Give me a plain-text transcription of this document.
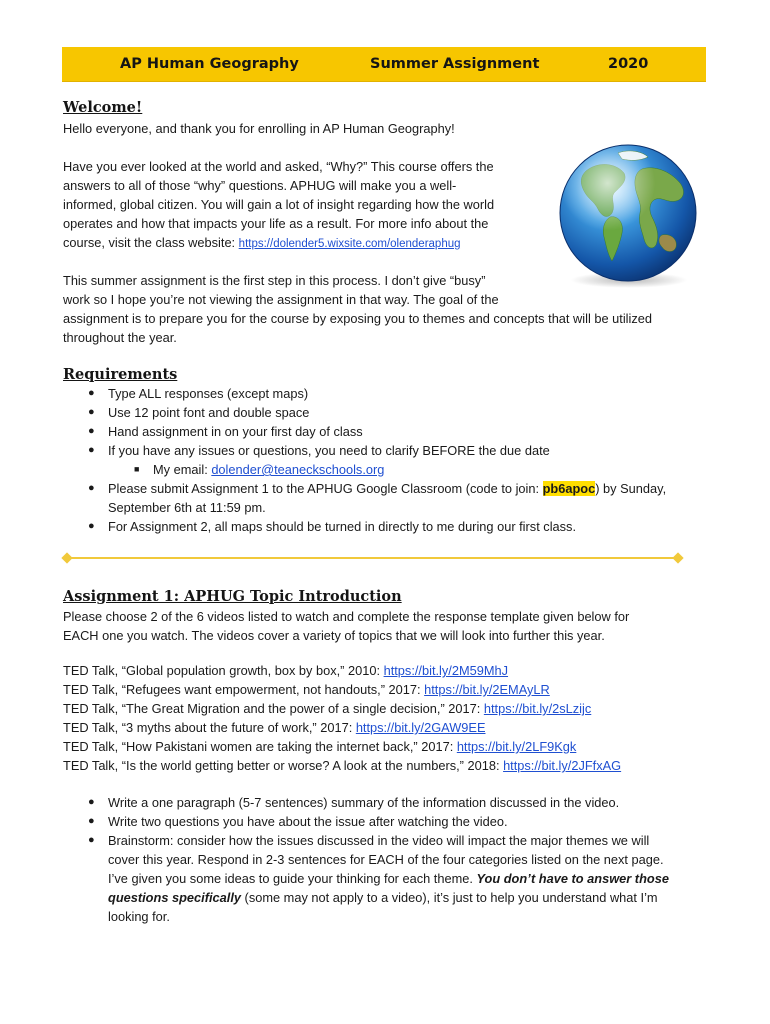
AP Human Geography	Summer Assignment	2020
Welcome!
Hello everyone, and thank you for enrolling in AP Human Geography!
Have you ever looked at the world and asked, “Why?” This course offers the
answers to all of those “why” questions. APHUG will make you a well-
informed, global citizen. You will gain a lot of insight regarding how the world
operates and how that impacts your life as a result. For more info about the
course, visit the class website: https://dolender5.wixsite.com/olenderaphug
This summer assignment is the first step in this process. I don’t give “busy”
work so I hope you’re not viewing the assignment in that way. The goal of the
assignment is to prepare you for the course by exposing you to themes and concepts that will be utilized
throughout the year.
Requirements
● Type ALL responses (except maps)
● Use 12 point font and double space
● Hand assignment in on your first day of class
● If you have any issues or questions, you need to clarify BEFORE the due date
■ My email: dolender@teaneckschools.org
● Please submit Assignment 1 to the APHUG Google Classroom (code to join: pb6apoc) by Sunday,
September 6th at 11:59 pm.
● For Assignment 2, all maps should be turned in directly to me during our first class.
Assignment 1: APHUG Topic Introduction
Please choose 2 of the 6 videos listed to watch and complete the response template given below for
EACH one you watch. The videos cover a variety of topics that we will look into further this year.
TED Talk, “Global population growth, box by box,” 2010: https://bit.ly/2M59MhJ
TED Talk, “Refugees want empowerment, not handouts,” 2017: https://bit.ly/2EMAyLR
TED Talk, “The Great Migration and the power of a single decision,” 2017: https://bit.ly/2sLzijc
TED Talk, “3 myths about the future of work,” 2017: https://bit.ly/2GAW9EE
TED Talk, “How Pakistani women are taking the internet back,” 2017: https://bit.ly/2LF9Kgk
TED Talk, “Is the world getting better or worse? A look at the numbers,” 2018: https://bit.ly/2JFfxAG
● Write a one paragraph (5-7 sentences) summary of the information discussed in the video.
● Write two questions you have about the issue after watching the video.
● Brainstorm: consider how the issues discussed in the video will impact the major themes we will
cover this year. Respond in 2-3 sentences for EACH of the four categories listed on the next page.
I’ve given you some ideas to guide your thinking for each theme. You don’t have to answer those
questions specifically (some may not apply to a video), it’s just to help you understand what I’m
looking for.
